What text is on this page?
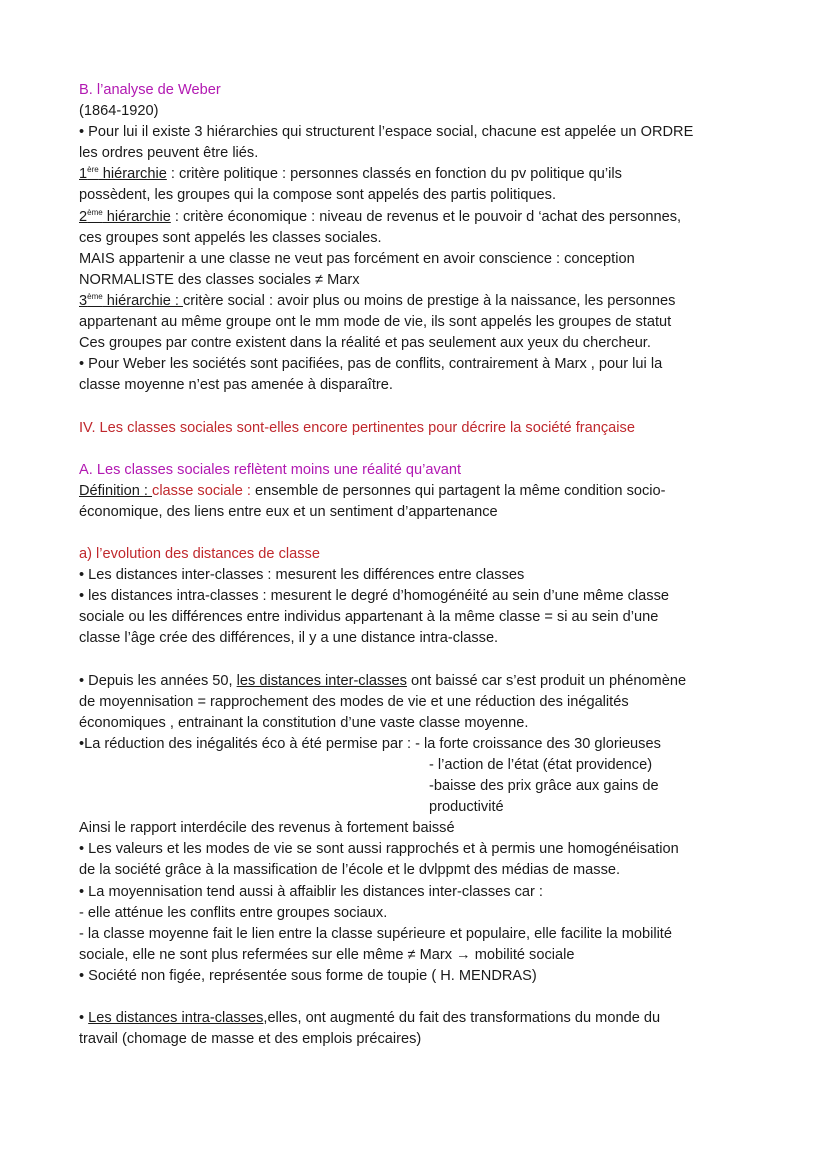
B. l’analyse de Weber
(1864-1920)
• Pour lui il existe 3 hiérarchies qui structurent l’espace social, chacune est appelée un ORDRE
les ordres peuvent être liés.
1ère hiérarchie : critère politique : personnes classés en fonction du pv politique qu’ils
possèdent, les groupes qui la compose sont appelés des partis politiques.
2ème hiérarchie : critère économique : niveau de revenus et le pouvoir d ‘achat des personnes,
ces groupes sont appelés les classes sociales.
MAIS appartenir a une classe ne veut pas forcément en avoir conscience : conception
NORMALISTE des classes sociales ≠ Marx
3ème hiérarchie : critère social : avoir plus ou moins de prestige à la naissance, les personnes
appartenant au même groupe ont le mm mode de vie, ils sont appelés les groupes de statut
Ces groupes par contre existent dans la réalité et pas seulement aux yeux du chercheur.
• Pour Weber les sociétés sont pacifiées, pas de conflits, contrairement à Marx , pour lui la
classe moyenne n’est pas amenée à disparaître.
IV. Les classes sociales sont-elles encore pertinentes pour décrire la société française
A. Les classes sociales reflètent moins une réalité qu’avant
Définition : classe sociale : ensemble de personnes qui partagent la même condition socio-
économique, des liens entre eux et un sentiment d’appartenance
a) l’evolution des distances de classe
• Les distances inter-classes : mesurent les différences entre classes
• les distances intra-classes : mesurent le degré d’homogénéité au sein d’une même classe
sociale ou les différences entre individus appartenant à la même classe = si au sein d’une
classe l’âge crée des différences, il y a une distance intra-classe.
• Depuis les années 50, les distances inter-classes ont baissé car s’est produit un phénomène
de moyennisation = rapprochement des modes de vie et une réduction des inégalités
économiques , entrainant la constitution d’une vaste classe moyenne.
•La réduction des inégalités éco à été permise par : - la forte croissance des 30 glorieuses
- l’action de l’état (état providence)
-baisse des prix grâce aux gains de
productivité
Ainsi le rapport interdécile des revenus à fortement baissé
• Les valeurs et les modes de vie se sont aussi rapprochés et à permis une homogénéisation
de la société grâce à la massification de l’école et le dvlppmt des médias de masse.
• La moyennisation tend aussi à affaiblir les distances inter-classes car :
- elle atténue les conflits entre groupes sociaux.
- la classe moyenne fait le lien entre la classe supérieure et populaire, elle facilite la mobilité
sociale, elle ne sont plus refermées sur elle même ≠ Marx → mobilité sociale
• Société non figée, représentée sous forme de toupie ( H. MENDRAS)
• Les distances intra-classes,elles, ont augmenté du fait des transformations du monde du
travail (chomage de masse et des emplois précaires)
